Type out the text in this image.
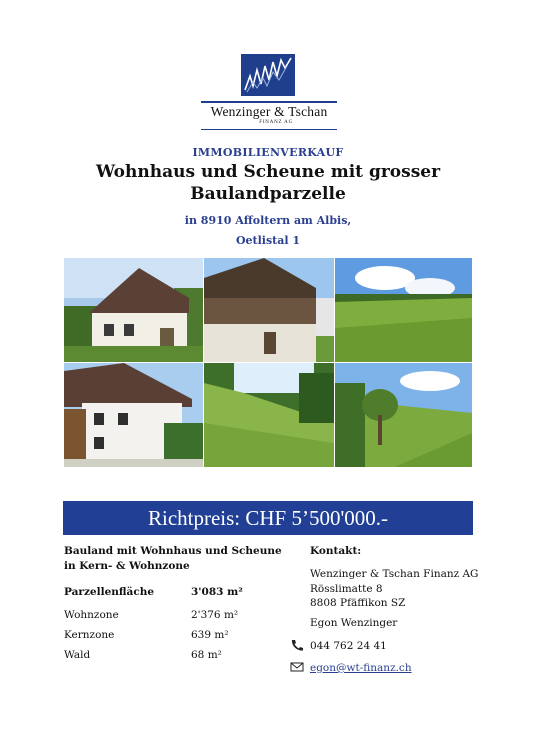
Wenzinger & Tschan
FINANZ AG
IMMOBILIENVERKAUF
Wohnhaus und Scheune mit grosser
Baulandparzelle
in 8910 Affoltern am Albis,
Oetlistal 1
Richtpreis: CHF 5’500'000.-
Bauland mit Wohnhaus und Scheune
in Kern- & Wohnzone
Parzellenfläche	3'083 m²
Wohnzone	2'376 m²
Kernzone	639 m²
Wald	68 m²
Kontakt:
Wenzinger & Tschan Finanz AG
Rösslimatte 8
8808 Pfäffikon SZ
Egon Wenzinger
044 762 24 41
egon@wt-finanz.ch
